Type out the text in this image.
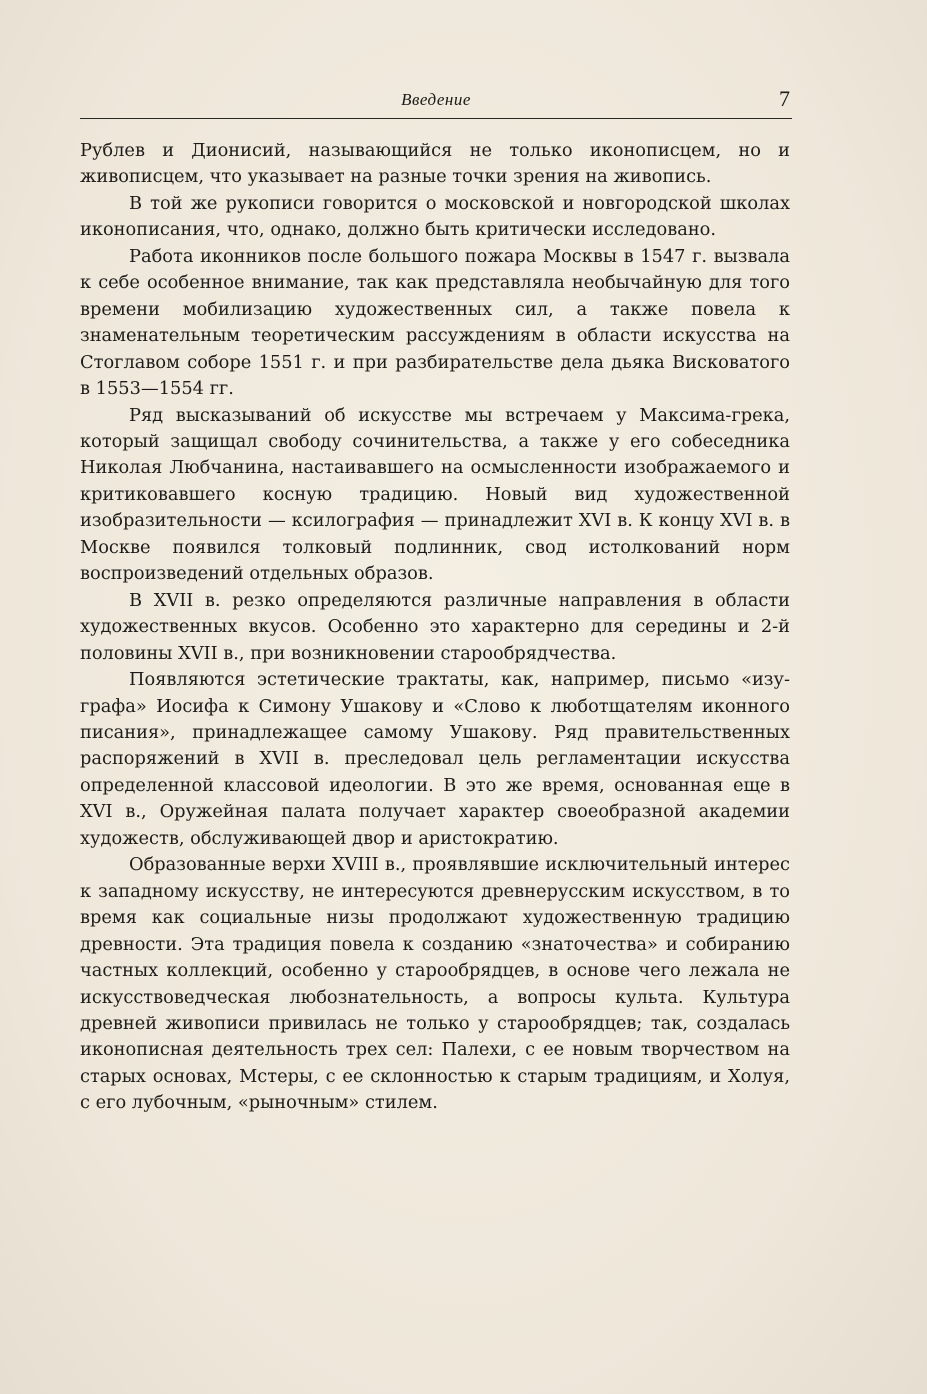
Введение	7

Рублев и Дионисий, называющийся не только иконописцем, но и живописцем, что указывает на разные точки зрения на живопись.

В той же рукописи говорится о московской и новгородской школах иконописания, что, однако, должно быть критически исследовано.

Работа иконников после большого пожара Москвы в 1547 г. вызвала к себе особенное внимание, так как представляла необычайную для того времени мобилизацию художественных сил, а также повела к знаменательным теоретическим рассуждениям в области искусства на Стоглавом соборе 1551 г. и при разбирательстве дела дьяка Висковатого в 1553—1554 гг.

Ряд высказываний об искусстве мы встречаем у Максима-грека, который защищал свободу сочинительства, а также у его собеседника Николая Любчанина, настаивавшего на осмысленности изображаемого и критиковавшего косную традицию. Новый вид художественной изобразительности — ксилография — принадлежит XVI в. К концу XVI в. в Москве появился толковый подлинник, свод истолкований норм воспроизведений отдельных образов.

В XVII в. резко определяются различные направления в области художественных вкусов. Особенно это характерно для середины и 2-й половины XVII в., при возникновении старообрядчества.

Появляются эстетические трактаты, как, например, письмо «изуграфа» Иосифа к Симону Ушакову и «Слово к люботщателям иконного писания», принадлежащее самому Ушакову. Ряд правительственных распоряжений в XVII в. преследовал цель регламентации искусства определенной классовой идеологии. В это же время, основанная еще в XVI в., Оружейная палата получает характер своеобразной академии художеств, обслуживающей двор и аристократию.

Образованные верхи XVIII в., проявлявшие исключительный интерес к западному искусству, не интересуются древнерусским искусством, в то время как социальные низы продолжают художественную традицию древности. Эта традиция повела к созданию «знаточества» и собиранию частных коллекций, особенно у старообрядцев, в основе чего лежала не искусствоведческая любознательность, а вопросы культа. Культура древней живописи привилась не только у старообрядцев; так, создалась иконописная деятельность трех сел: Палехи, с ее новым творчеством на старых основах, Мстеры, с ее склонностью к старым традициям, и Холуя, с его лубочным, «рыночным» стилем.
